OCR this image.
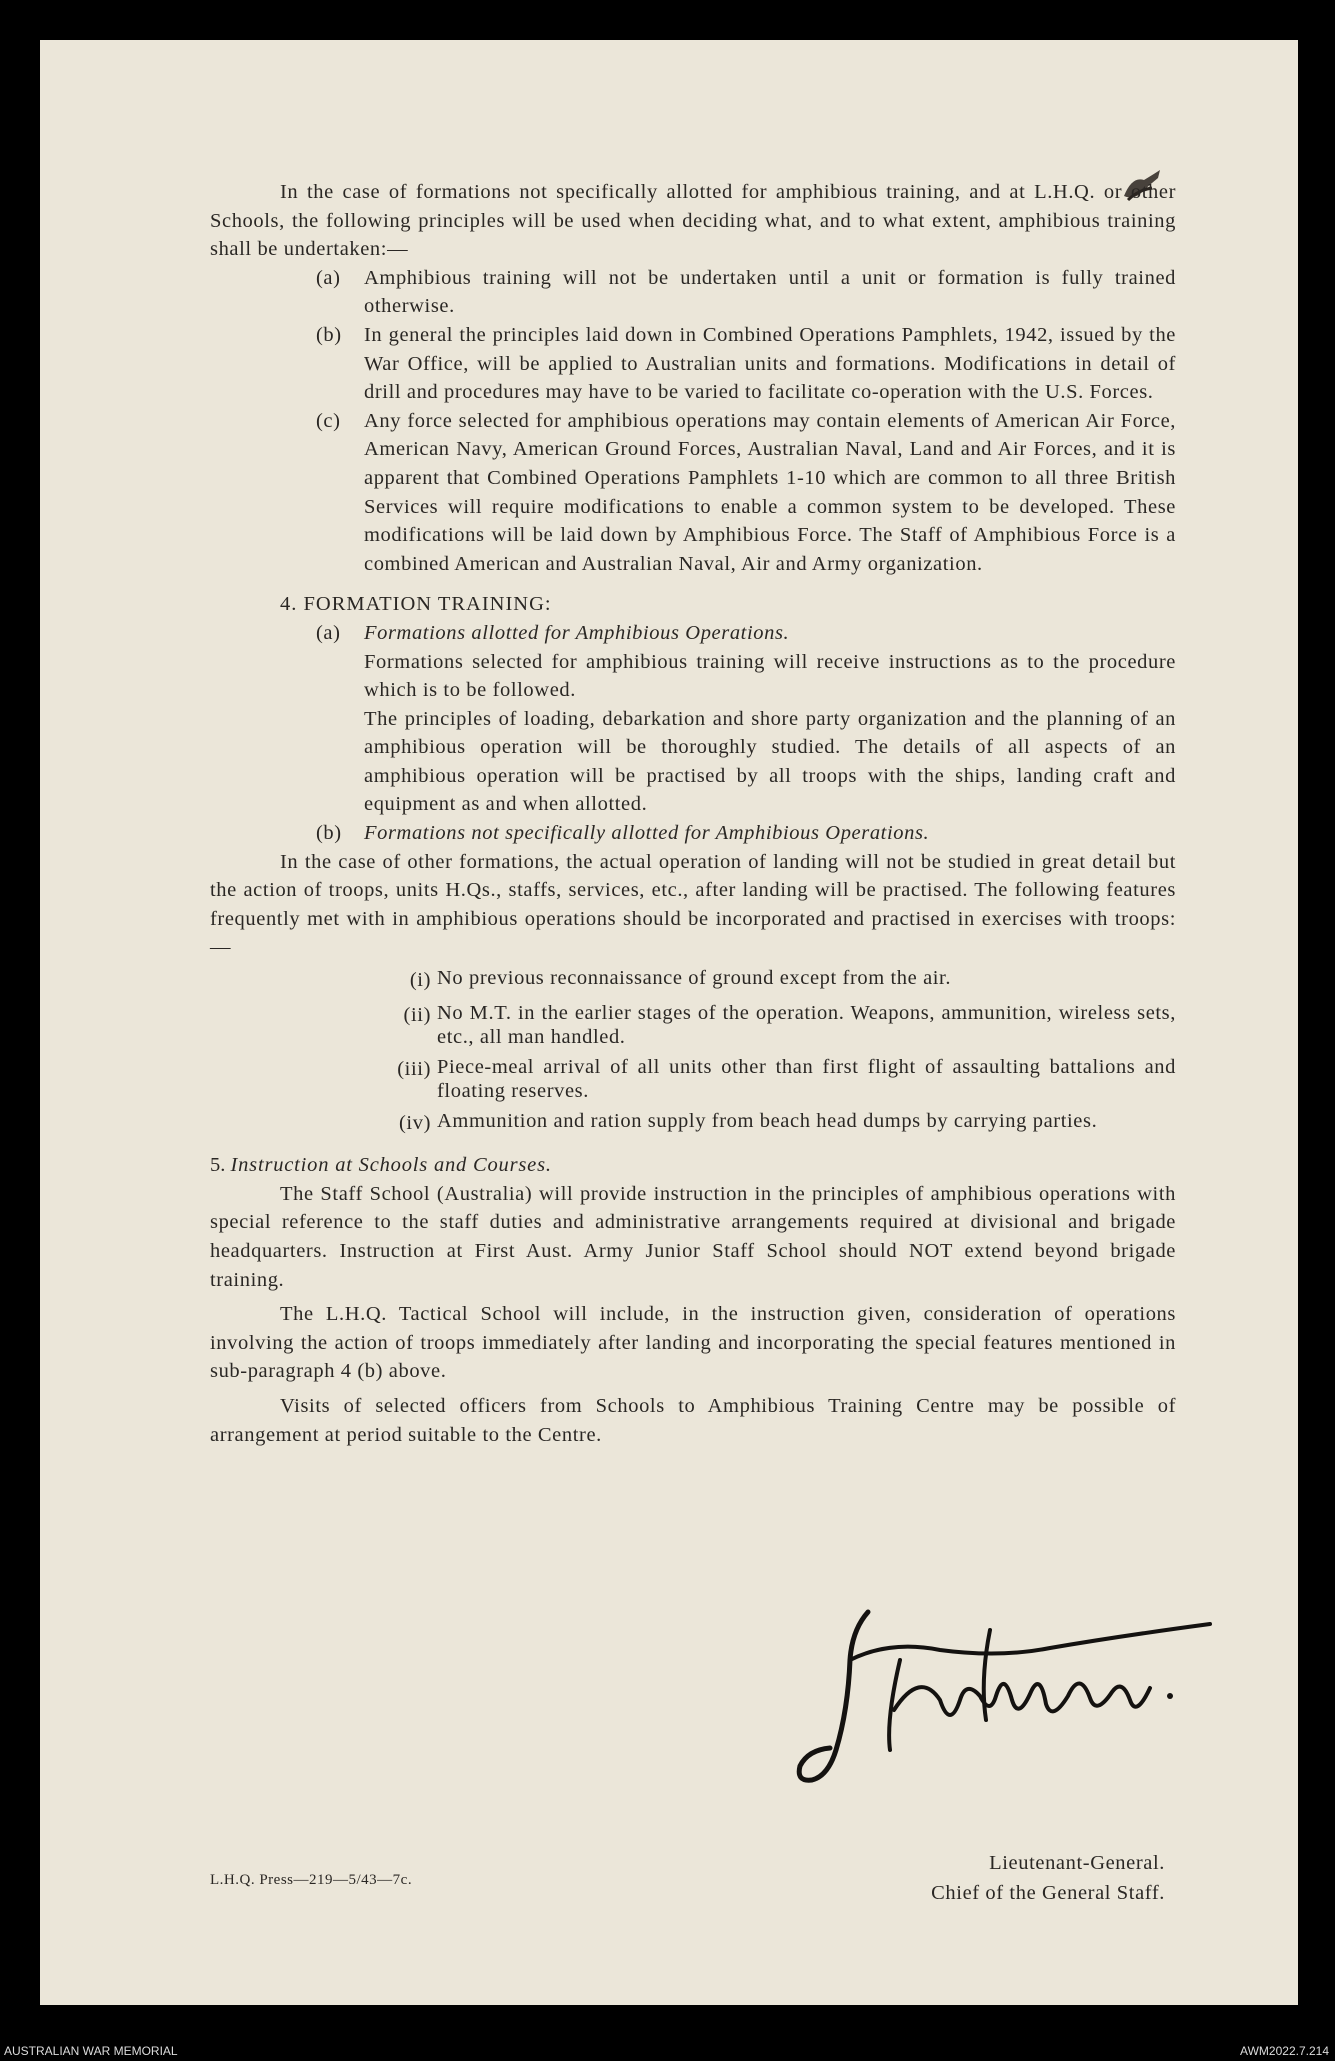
In the case of formations not specifically allotted for amphibious training, and at L.H.Q. or other Schools, the following principles will be used when deciding what, and to what extent, amphibious training shall be undertaken:—

(a)	Amphibious training will not be undertaken until a unit or formation is fully trained otherwise.
(b)	In general the principles laid down in Combined Operations Pamphlets, 1942, issued by the War Office, will be applied to Australian units and formations. Modifications in detail of drill and procedures may have to be varied to facilitate co-operation with the U.S. Forces.
(c)	Any force selected for amphibious operations may contain elements of American Air Force, American Navy, American Ground Forces, Australian Naval, Land and Air Forces, and it is apparent that Combined Operations Pamphlets 1-10 which are common to all three British Services will require modifications to enable a common system to be developed. These modifications will be laid down by Amphibious Force. The Staff of Amphibious Force is a combined American and Australian Naval, Air and Army organization.
4. FORMATION TRAINING:
(a)	Formations allotted for Amphibious Operations.

Formations selected for amphibious training will receive instructions as to the procedure which is to be followed.

The principles of loading, debarkation and shore party organization and the planning of an amphibious operation will be thoroughly studied. The details of all aspects of an amphibious operation will be practised by all troops with the ships, landing craft and equipment as and when allotted.

(b)	Formations not specifically allotted for Amphibious Operations.

In the case of other formations, the actual operation of landing will not be studied in great detail but the action of troops, units H.Qs., staffs, services, etc., after landing will be practised. The following features frequently met with in amphibious operations should be incorporated and practised in exercises with troops:—

(i) No previous reconnaissance of ground except from the air.
(ii) No M.T. in the earlier stages of the operation. Weapons, ammunition, wireless sets, etc., all man handled.
(iii) Piece-meal arrival of all units other than first flight of assaulting battalions and floating reserves.
(iv) Ammunition and ration supply from beach head dumps by carrying parties.
5. Instruction at Schools and Courses.

The Staff School (Australia) will provide instruction in the principles of amphibious operations with special reference to the staff duties and administrative arrangements required at divisional and brigade headquarters. Instruction at First Aust. Army Junior Staff School should NOT extend beyond brigade training.

The L.H.Q. Tactical School will include, in the instruction given, consideration of operations involving the action of troops immediately after landing and incorporating the special features mentioned in sub-paragraph 4 (b) above.

Visits of selected officers from Schools to Amphibious Training Centre may be possible of arrangement at period suitable to the Centre.

Lieutenant-General.
Chief of the General Staff.
L.H.Q. Press—219—5/43—7c.
AUSTRALIAN WAR MEMORIAL	AWM2022.7.214
